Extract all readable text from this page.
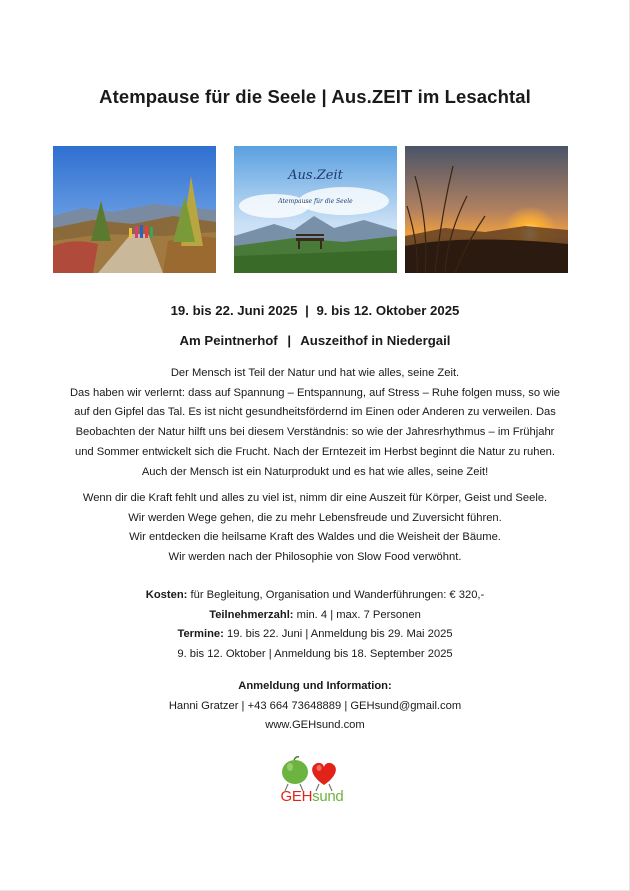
Atempause für die Seele | Aus.ZEIT im Lesachtal
Aus.Zeit
Atempause für die Seele
19. bis 22. Juni 2025 | 9. bis 12. Oktober 2025
Am Peintnerhof | Auszeithof in Niedergail
Der Mensch ist Teil der Natur und hat wie alles, seine Zeit.
Das haben wir verlernt: dass auf Spannung – Entspannung, auf Stress – Ruhe folgen muss, so wie
auf den Gipfel das Tal. Es ist nicht gesundheitsfördernd im Einen oder Anderen zu verweilen. Das
Beobachten der Natur hilft uns bei diesem Verständnis: so wie der Jahresrhythmus – im Frühjahr
und Sommer entwickelt sich die Frucht. Nach der Erntezeit im Herbst beginnt die Natur zu ruhen.
Auch der Mensch ist ein Naturprodukt und es hat wie alles, seine Zeit!
Wenn dir die Kraft fehlt und alles zu viel ist, nimm dir eine Auszeit für Körper, Geist und Seele.
Wir werden Wege gehen, die zu mehr Lebensfreude und Zuversicht führen.
Wir entdecken die heilsame Kraft des Waldes und die Weisheit der Bäume.
Wir werden nach der Philosophie von Slow Food verwöhnt.
Kosten: für Begleitung, Organisation und Wanderführungen: € 320,-
Teilnehmerzahl: min. 4 | max. 7 Personen
Termine: 19. bis 22. Juni | Anmeldung bis 29. Mai 2025
9. bis 12. Oktober | Anmeldung bis 18. September 2025
Anmeldung und Information:
Hanni Gratzer | +43 664 73648889 | GEHsund@gmail.com
www.GEHsund.com
GEHsund
